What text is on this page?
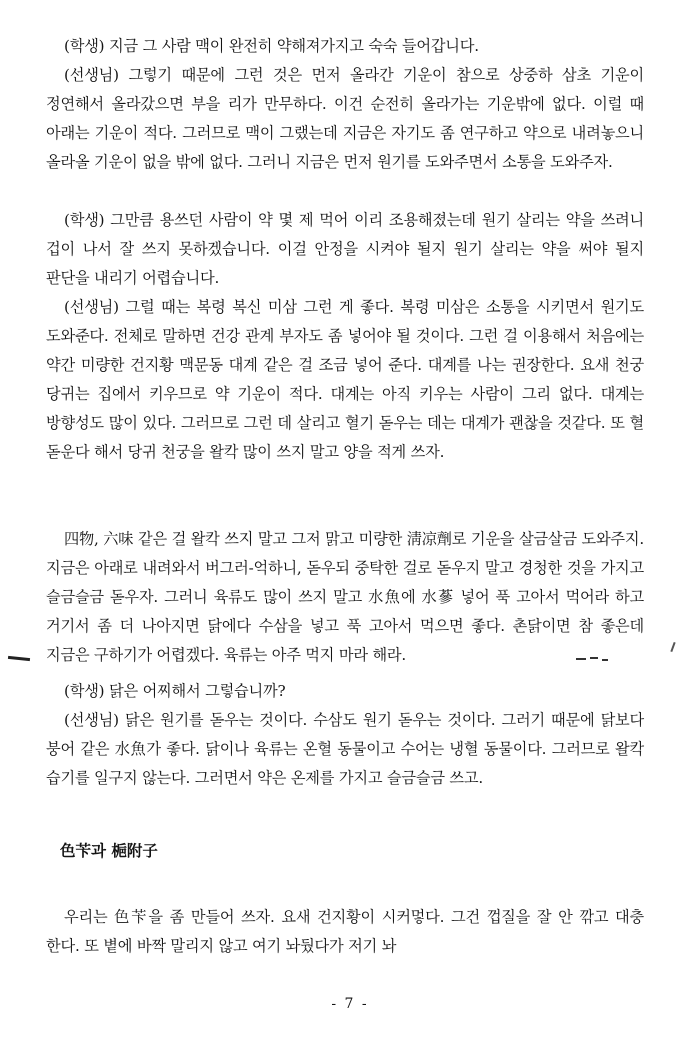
(학생) 지금 그 사람 맥이 완전히 약해져가지고 숙숙 들어갑니다.

(선생님) 그렇기 때문에 그런 것은 먼저 올라간 기운이 참으로 상중하 삼초 기운이 정연해서 올라갔으면 부을 리가 만무하다. 이건 순전히 올라가는 기운밖에 없다. 이럴 때 아래는 기운이 적다. 그러므로 맥이 그랬는데 지금은 자기도 좀 연구하고 약으로 내려놓으니 올라올 기운이 없을 밖에 없다. 그러니 지금은 먼저 원기를 도와주면서 소통을 도와주자.

(학생) 그만큼 용쓰던 사람이 약 몇 제 먹어 이리 조용해졌는데 원기 살리는 약을 쓰려니 겁이 나서 잘 쓰지 못하겠습니다. 이걸 안정을 시켜야 될지 원기 살리는 약을 써야 될지 판단을 내리기 어렵습니다.

(선생님) 그럴 때는 복령 복신 미삼 그런 게 좋다. 복령 미삼은 소통을 시키면서 원기도 도와준다. 전체로 말하면 건강 관계 부자도 좀 넣어야 될 것이다. 그런 걸 이용해서 처음에는 약간 미량한 건지황 맥문동 대계 같은 걸 조금 넣어 준다. 대계를 나는 권장한다. 요새 천궁 당귀는 집에서 키우므로 약 기운이 적다. 대계는 아직 키우는 사람이 그리 없다. 대계는 방향성도 많이 있다. 그러므로 그런 데 살리고 혈기 돋우는 데는 대계가 괜찮을 것같다. 또 혈 돋운다 해서 당귀 천궁을 왈칵 많이 쓰지 말고 양을 적게 쓰자.

四物, 六味 같은 걸 왈칵 쓰지 말고 그저 맑고 미량한 淸凉劑로 기운을 살금살금 도와주지. 지금은 아래로 내려와서 버그러-억하니, 돋우되 중탁한 걸로 돋우지 말고 경청한 것을 가지고 슬금슬금 돋우자. 그러니 육류도 많이 쓰지 말고 水魚에 水蔘 넣어 푹 고아서 먹어라 하고 거기서 좀 더 나아지면 닭에다 수삼을 넣고 푹 고아서 먹으면 좋다. 촌닭이면 참 좋은데 지금은 구하기가 어렵겠다. 육류는 아주 먹지 마라 해라.

(학생) 닭은 어찌해서 그렇습니까?

(선생님) 닭은 원기를 돋우는 것이다. 수삼도 원기 돋우는 것이다. 그러기 때문에 닭보다 붕어 같은 水魚가 좋다. 닭이나 육류는 온혈 동물이고 수어는 냉혈 동물이다. 그러므로 왈칵 습기를 일구지 않는다. 그러면서 약은 온제를 가지고 슬금슬금 쓰고.

色苄과 梔附子

우리는 色苄을 좀 만들어 쓰자. 요새 건지황이 시커멓다. 그건 껍질을 잘 안 깎고 대충 한다. 또 볕에 바짝 말리지 않고 여기 놔뒀다가 저기 놔

- 7 -
